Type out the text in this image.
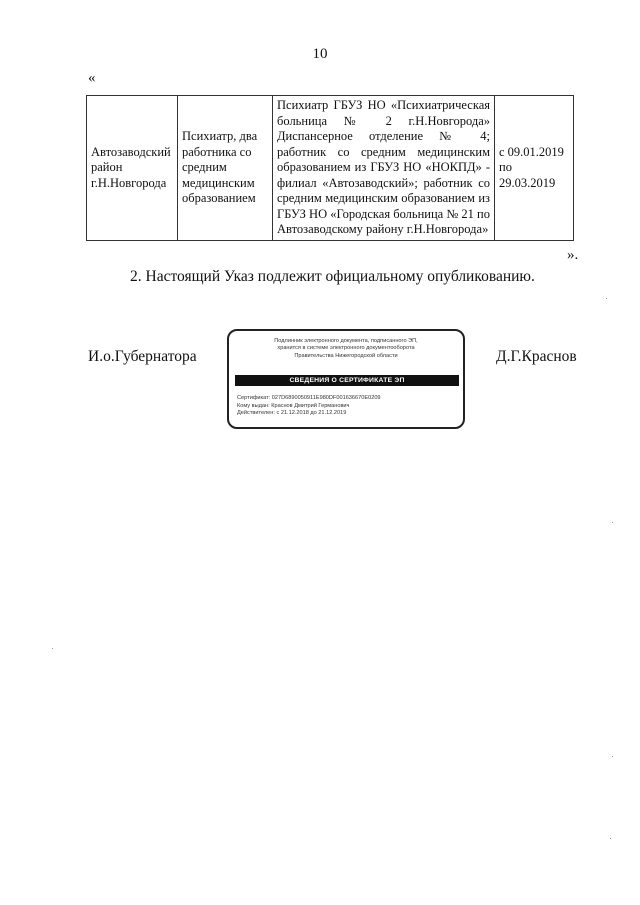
10
«
Автозаводский район г.Н.Новгорода	Психиатр, два работника со средним медицинским образованием	Психиатр ГБУЗ НО «Психиатрическая больница № 2 г.Н.Новгорода» Диспансерное отделение № 4; работник со средним медицинским образованием из ГБУЗ НО «НОКПД» - филиал «Автозаводский»; работник со средним медицинским образованием из ГБУЗ НО «Городская больница № 21 по Автозаводскому району г.Н.Новгорода»	с 09.01.2019 по 29.03.2019
».
2. Настоящий Указ подлежит официальному опубликованию.
И.о.Губернатора	Д.Г.Краснов
Подлинник электронного документа, подписанного ЭП,
хранится в системе электронного документооборота
Правительства Нижегородской области
СВЕДЕНИЯ О СЕРТИФИКАТЕ ЭП
Сертификат: 027D6890050911E980DF001636670E0209
Кому выдан: Краснов Дмитрий Германович
Действителен: с 21.12.2018 до 21.12.2019
